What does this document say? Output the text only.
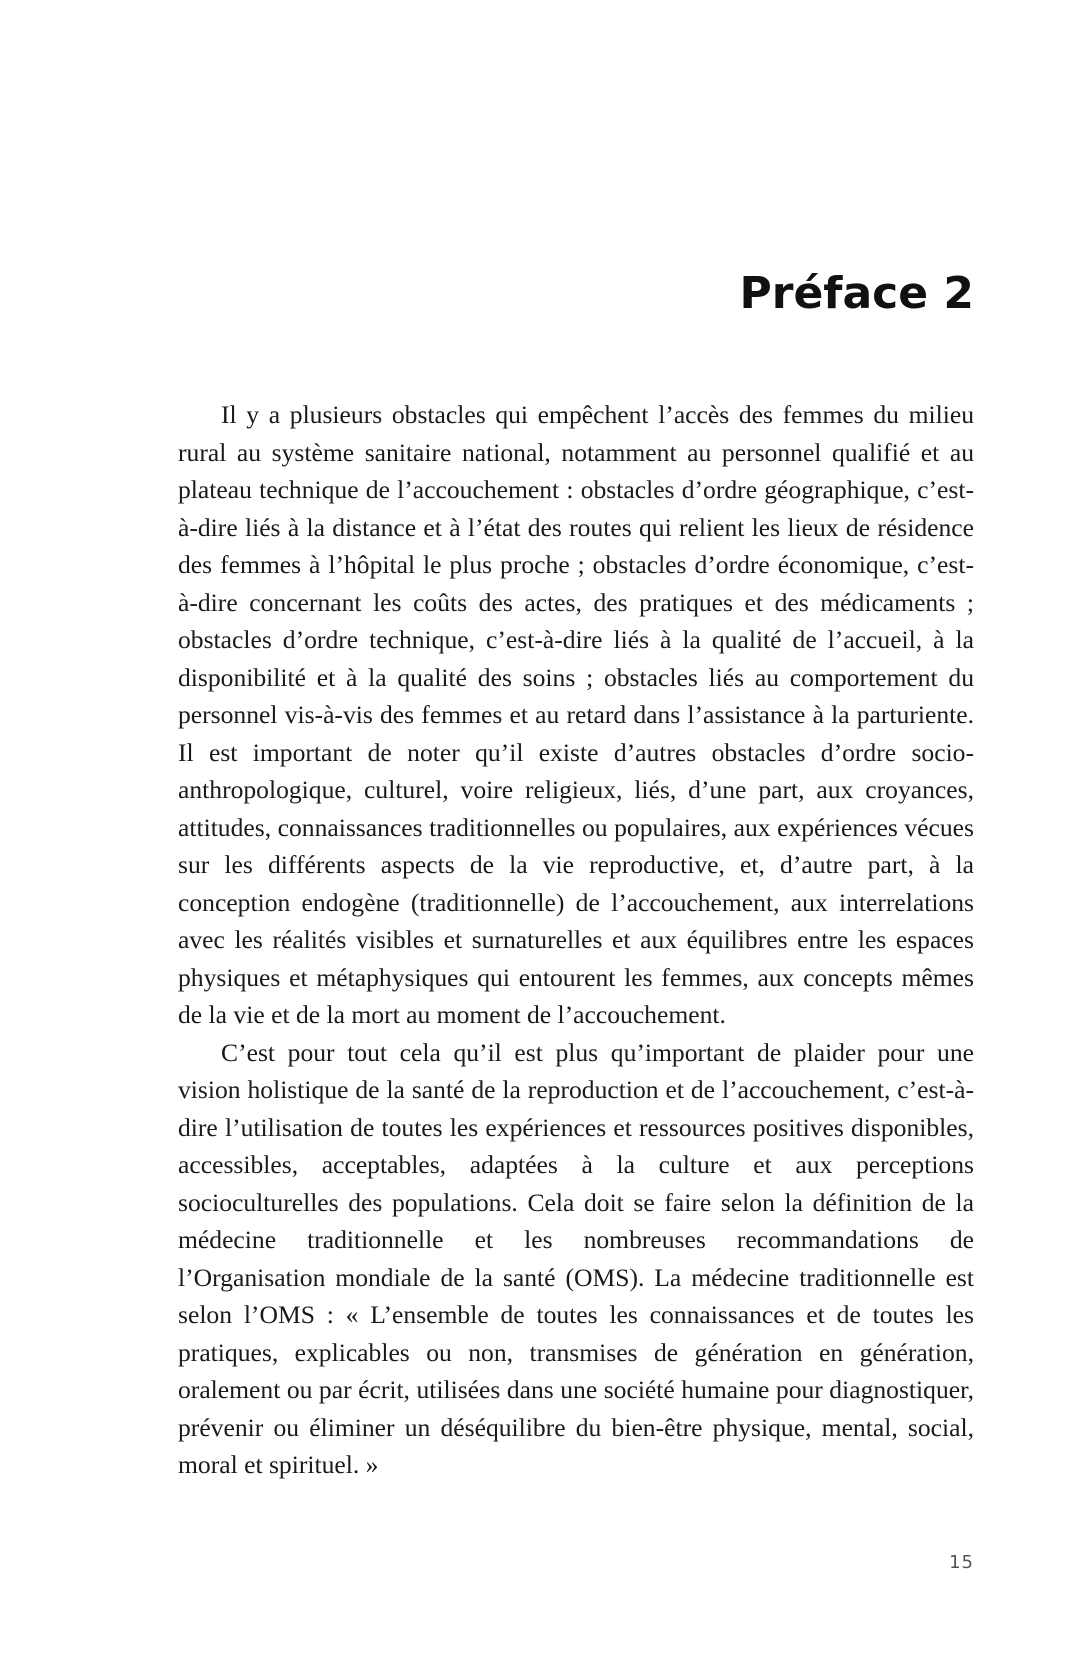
Préface 2

Il y a plusieurs obstacles qui empêchent l’accès des femmes du milieu rural au système sanitaire national, notamment au personnel qualifié et au plateau technique de l’accouchement : obstacles d’ordre géographique, c’est-à-dire liés à la distance et à l’état des routes qui relient les lieux de résidence des femmes à l’hôpital le plus proche ; obstacles d’ordre économique, c’est-à-dire concernant les coûts des actes, des pratiques et des médicaments ; obstacles d’ordre technique, c’est-à-dire liés à la qualité de l’accueil, à la disponibilité et à la qualité des soins ; obstacles liés au comportement du personnel vis-à-vis des femmes et au retard dans l’assistance à la parturiente. Il est important de noter qu’il existe d’autres obstacles d’ordre socio-anthropologique, culturel, voire religieux, liés, d’une part, aux croyances, attitudes, connaissances traditionnelles ou populaires, aux expériences vécues sur les différents aspects de la vie reproductive, et, d’autre part, à la conception endogène (traditionnelle) de l’accouchement, aux interrelations avec les réalités visibles et surnaturelles et aux équilibres entre les espaces physiques et métaphysiques qui entourent les femmes, aux concepts mêmes de la vie et de la mort au moment de l’accouchement.

C’est pour tout cela qu’il est plus qu’important de plaider pour une vision holistique de la santé de la reproduction et de l’accouchement, c’est-à-dire l’utilisation de toutes les expériences et ressources positives disponibles, accessibles, acceptables, adaptées à la culture et aux perceptions socioculturelles des populations. Cela doit se faire selon la définition de la médecine traditionnelle et les nombreuses recommandations de l’Organisation mondiale de la santé (OMS). La médecine traditionnelle est selon l’OMS : « L’ensemble de toutes les connaissances et de toutes les pratiques, explicables ou non, transmises de génération en génération, oralement ou par écrit, utilisées dans une société humaine pour diagnostiquer, prévenir ou éliminer un déséquilibre du bien-être physique, mental, social, moral et spirituel. »

15
